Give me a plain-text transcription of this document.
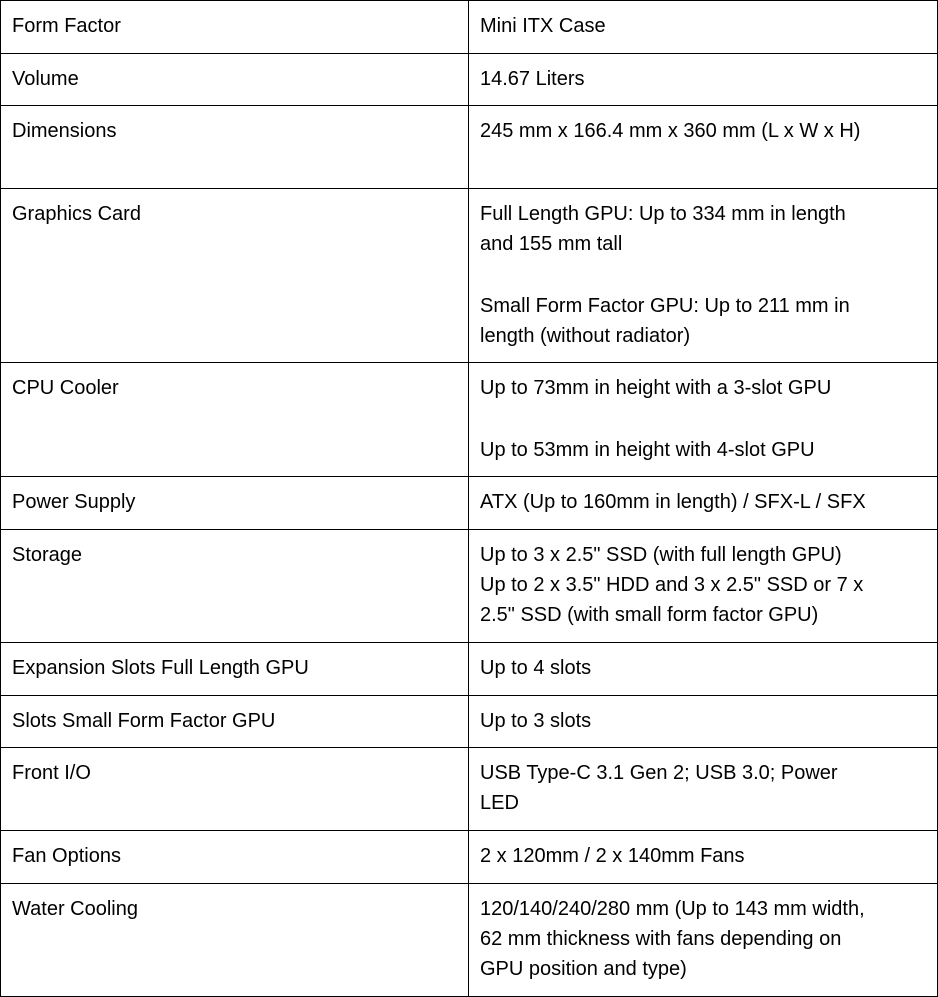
Form Factor	Mini ITX Case

Volume	14.67 Liters

Dimensions	245 mm x 166.4 mm x 360 mm (L x W x H)

Graphics Card	Full Length GPU: Up to 334 mm in length
and 155 mm tall
Small Form Factor GPU: Up to 211 mm in
length (without radiator)

CPU Cooler	Up to 73mm in height with a 3-slot GPU
Up to 53mm in height with 4-slot GPU

Power Supply	ATX (Up to 160mm in length) / SFX-L / SFX

Storage	Up to 3 x 2.5" SSD (with full length GPU)
Up to 2 x 3.5" HDD and 3 x 2.5" SSD or 7 x
2.5" SSD (with small form factor GPU)

Expansion Slots Full Length GPU	Up to 4 slots

Slots Small Form Factor GPU	Up to 3 slots

Front I/O	USB Type-C 3.1 Gen 2; USB 3.0; Power
LED

Fan Options	2 x 120mm / 2 x 140mm Fans

Water Cooling	120/140/240/280 mm (Up to 143 mm width,
62 mm thickness with fans depending on
GPU position and type)
